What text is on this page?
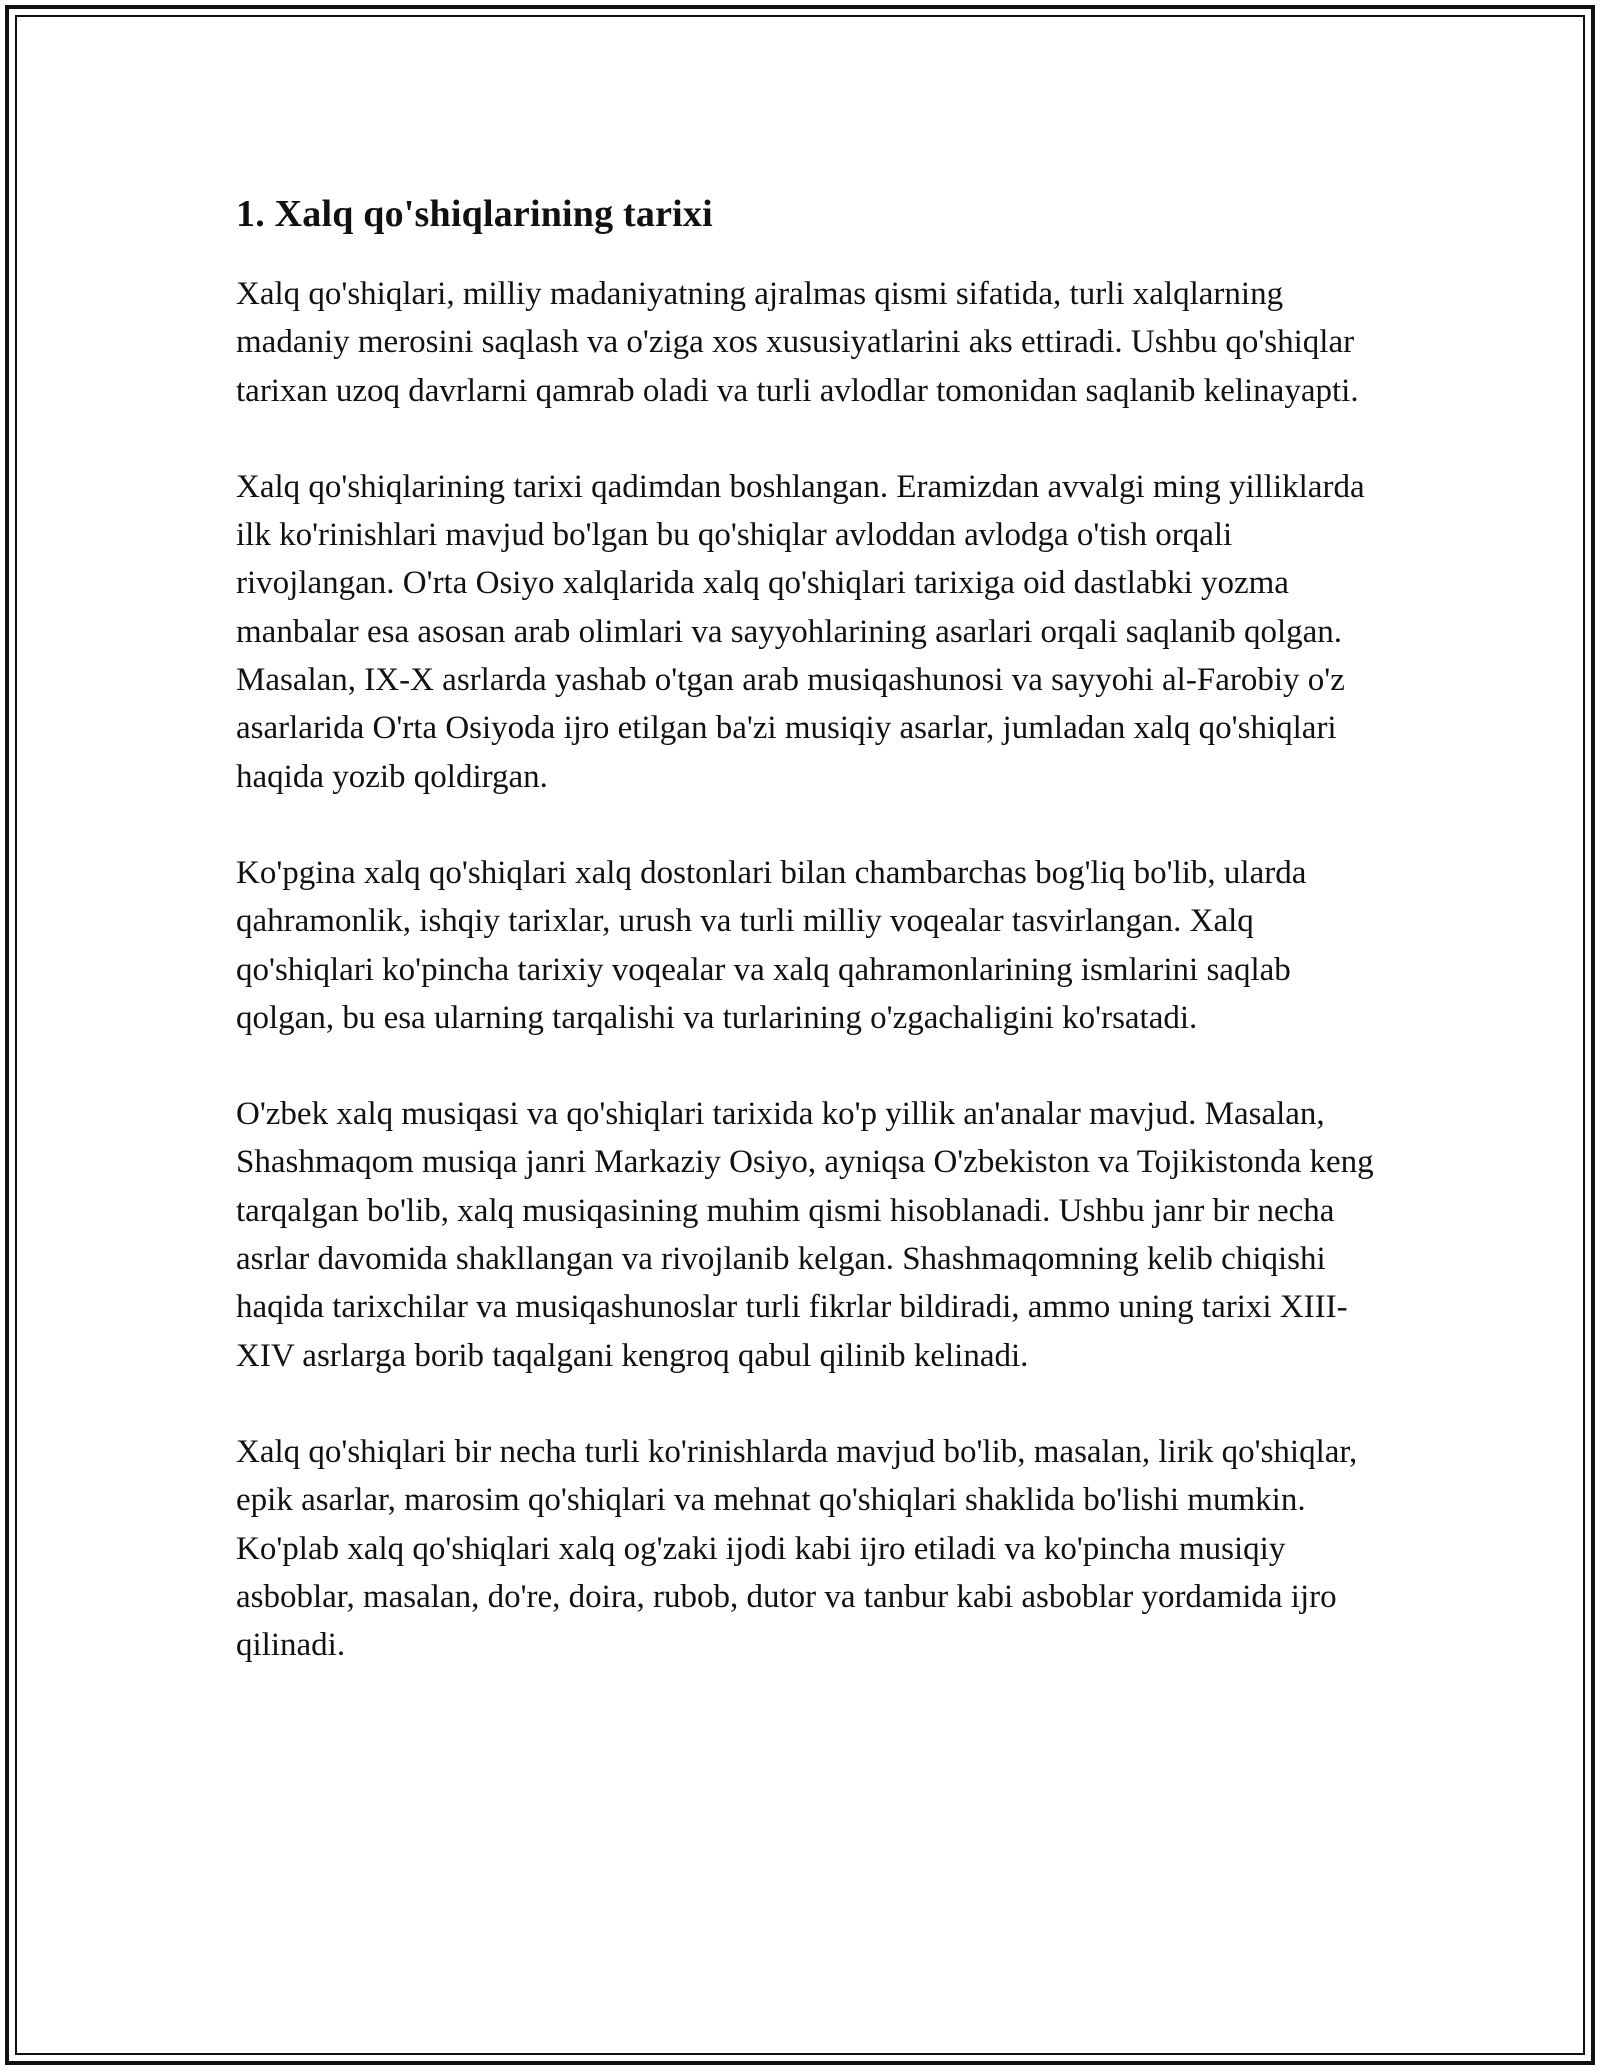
1. Xalq qo'shiqlarining tarixi

Xalq qo'shiqlari, milliy madaniyatning ajralmas qismi sifatida, turli xalqlarning madaniy merosini saqlash va o'ziga xos xususiyatlarini aks ettiradi. Ushbu qo'shiqlar tarixan uzoq davrlarni qamrab oladi va turli avlodlar tomonidan saqlanib kelinayapti.

Xalq qo'shiqlarining tarixi qadimdan boshlangan. Eramizdan avvalgi ming yilliklarda ilk ko'rinishlari mavjud bo'lgan bu qo'shiqlar avloddan avlodga o'tish orqali rivojlangan. O'rta Osiyo xalqlarida xalq qo'shiqlari tarixiga oid dastlabki yozma manbalar esa asosan arab olimlari va sayyohlarining asarlari orqali saqlanib qolgan. Masalan, IX-X asrlarda yashab o'tgan arab musiqashunosi va sayyohi al-Farobiy o'z asarlarida O'rta Osiyoda ijro etilgan ba'zi musiqiy asarlar, jumladan xalq qo'shiqlari haqida yozib qoldirgan.

Ko'pgina xalq qo'shiqlari xalq dostonlari bilan chambarchas bog'liq bo'lib, ularda qahramonlik, ishqiy tarixlar, urush va turli milliy voqealar tasvirlangan. Xalq qo'shiqlari ko'pincha tarixiy voqealar va xalq qahramonlarining ismlarini saqlab qolgan, bu esa ularning tarqalishi va turlarining o'zgachaligini ko'rsatadi.

O'zbek xalq musiqasi va qo'shiqlari tarixida ko'p yillik an'analar mavjud. Masalan, Shashmaqom musiqa janri Markaziy Osiyo, ayniqsa O'zbekiston va Tojikistonda keng tarqalgan bo'lib, xalq musiqasining muhim qismi hisoblanadi. Ushbu janr bir necha asrlar davomida shakllangan va rivojlanib kelgan. Shashmaqomning kelib chiqishi haqida tarixchilar va musiqashunoslar turli fikrlar bildiradi, ammo uning tarixi XIII-XIV asrlarga borib taqalgani kengroq qabul qilinib kelinadi.

Xalq qo'shiqlari bir necha turli ko'rinishlarda mavjud bo'lib, masalan, lirik qo'shiqlar, epik asarlar, marosim qo'shiqlari va mehnat qo'shiqlari shaklida bo'lishi mumkin. Ko'plab xalq qo'shiqlari xalq og'zaki ijodi kabi ijro etiladi va ko'pincha musiqiy asboblar, masalan, do're, doira, rubob, dutor va tanbur kabi asboblar yordamida ijro qilinadi.
